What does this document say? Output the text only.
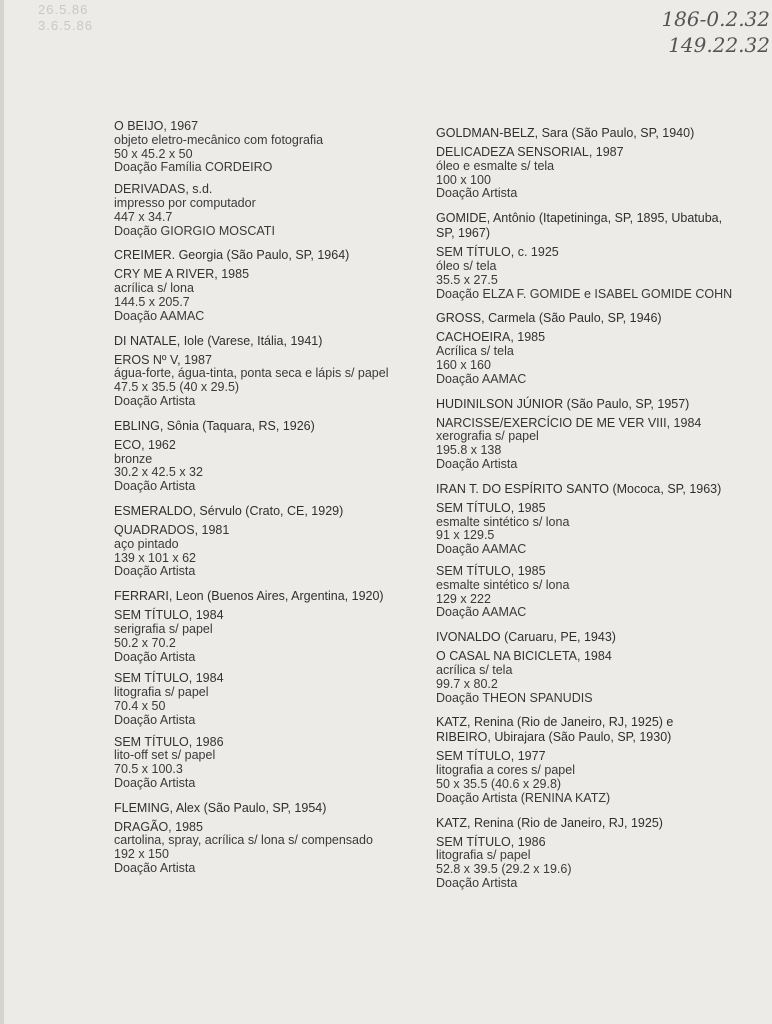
26.5.86
3.6.5.86	186-0.2.32
149.22.32
O BEIJO, 1967
objeto eletro-mecânico com fotografia
50 x 45.2 x 50
Doação Família CORDEIRO
DERIVADAS, s.d.
impresso por computador
447 x 34.7
Doação GIORGIO MOSCATI
CREIMER. Georgia (São Paulo, SP, 1964)
CRY ME A RIVER, 1985
acrílica s/ lona
144.5 x 205.7
Doação AAMAC
DI NATALE, Iole (Varese, Itália, 1941)
EROS Nº V, 1987
água-forte, água-tinta, ponta seca e lápis s/ papel
47.5 x 35.5 (40 x 29.5)
Doação Artista
EBLING, Sônia (Taquara, RS, 1926)
ECO, 1962
bronze
30.2 x 42.5 x 32
Doação Artista
ESMERALDO, Sérvulo (Crato, CE, 1929)
QUADRADOS, 1981
aço pintado
139 x 101 x 62
Doação Artista
FERRARI, Leon (Buenos Aires, Argentina, 1920)
SEM TÍTULO, 1984
serigrafia s/ papel
50.2 x 70.2
Doação Artista
SEM TÍTULO, 1984
litografia s/ papel
70.4 x 50
Doação Artista
SEM TÍTULO, 1986
lito-off set s/ papel
70.5 x 100.3
Doação Artista
FLEMING, Alex (São Paulo, SP, 1954)
DRAGÃO, 1985
cartolina, spray, acrílica s/ lona s/ compensado
192 x 150
Doação Artista
GOLDMAN-BELZ, Sara (São Paulo, SP, 1940)
DELICADEZA SENSORIAL, 1987
óleo e esmalte s/ tela
100 x 100
Doação Artista
GOMIDE, Antônio (Itapetininga, SP, 1895, Ubatuba, SP, 1967)
SEM TÍTULO, c. 1925
óleo s/ tela
35.5 x 27.5
Doação ELZA F. GOMIDE e ISABEL GOMIDE COHN
GROSS, Carmela (São Paulo, SP, 1946)
CACHOEIRA, 1985
Acrílica s/ tela
160 x 160
Doação AAMAC
HUDINILSON JÚNIOR (São Paulo, SP, 1957)
NARCISSE/EXERCÍCIO DE ME VER VIII, 1984
xerografia s/ papel
195.8 x 138
Doação Artista
IRAN T. DO ESPÍRITO SANTO (Mococa, SP, 1963)
SEM TÍTULO, 1985
esmalte sintético s/ lona
91 x 129.5
Doação AAMAC
SEM TÍTULO, 1985
esmalte sintético s/ lona
129 x 222
Doação AAMAC
IVONALDO (Caruaru, PE, 1943)
O CASAL NA BICICLETA, 1984
acrílica s/ tela
99.7 x 80.2
Doação THEON SPANUDIS
KATZ, Renina (Rio de Janeiro, RJ, 1925) e
RIBEIRO, Ubirajara (São Paulo, SP, 1930)
SEM TÍTULO, 1977
litografia a cores s/ papel
50 x 35.5 (40.6 x 29.8)
Doação Artista (RENINA KATZ)
KATZ, Renina (Rio de Janeiro, RJ, 1925)
SEM TÍTULO, 1986
litografia s/ papel
52.8 x 39.5 (29.2 x 19.6)
Doação Artista
